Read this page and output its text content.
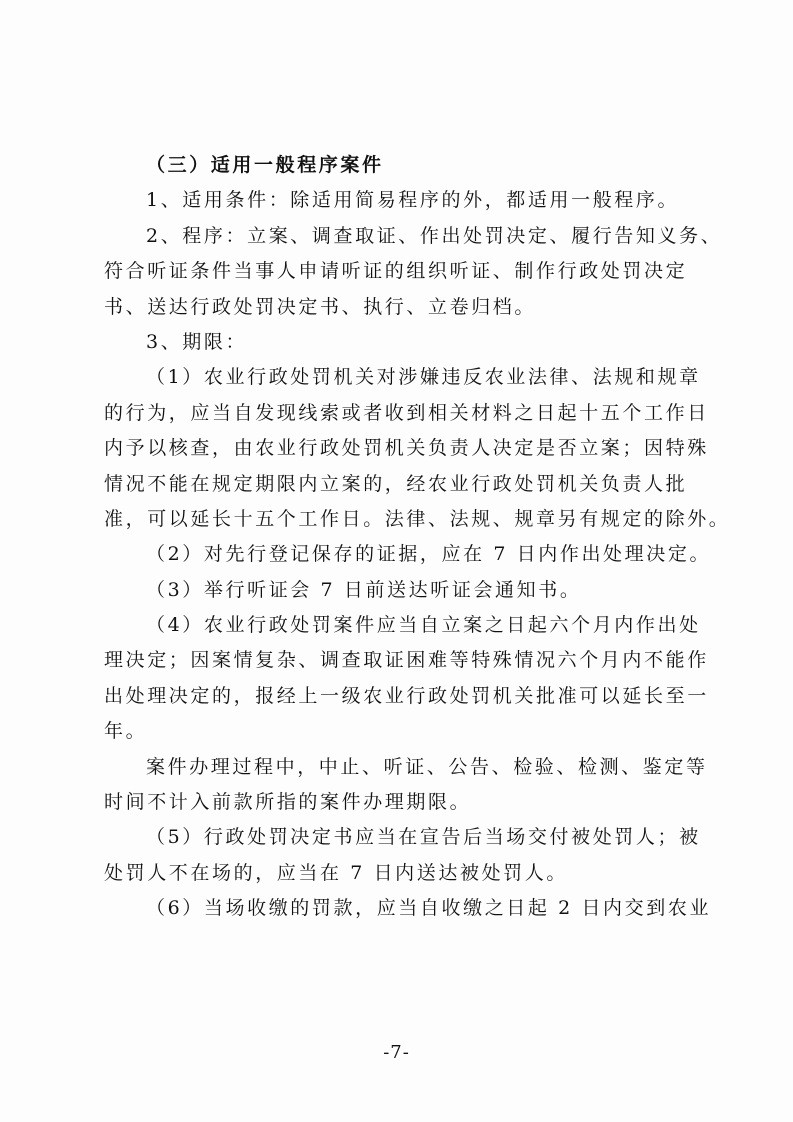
（三）适用一般程序案件
1、适用条件：除适用简易程序的外，都适用一般程序。
2、程序：立案、调查取证、作出处罚决定、履行告知义务、
符合听证条件当事人申请听证的组织听证、制作行政处罚决定
书、送达行政处罚决定书、执行、立卷归档。
3、期限：
（1）农业行政处罚机关对涉嫌违反农业法律、法规和规章
的行为，应当自发现线索或者收到相关材料之日起十五个工作日
内予以核查，由农业行政处罚机关负责人决定是否立案；因特殊
情况不能在规定期限内立案的，经农业行政处罚机关负责人批
准，可以延长十五个工作日。法律、法规、规章另有规定的除外。
（2）对先行登记保存的证据，应在 7 日内作出处理决定。
（3）举行听证会 7 日前送达听证会通知书。
（4）农业行政处罚案件应当自立案之日起六个月内作出处
理决定；因案情复杂、调查取证困难等特殊情况六个月内不能作
出处理决定的，报经上一级农业行政处罚机关批准可以延长至一
年。
案件办理过程中，中止、听证、公告、检验、检测、鉴定等
时间不计入前款所指的案件办理期限。
（5）行政处罚决定书应当在宣告后当场交付被处罚人；被
处罚人不在场的，应当在 7 日内送达被处罚人。
（6）当场收缴的罚款，应当自收缴之日起 2 日内交到农业
-7-
